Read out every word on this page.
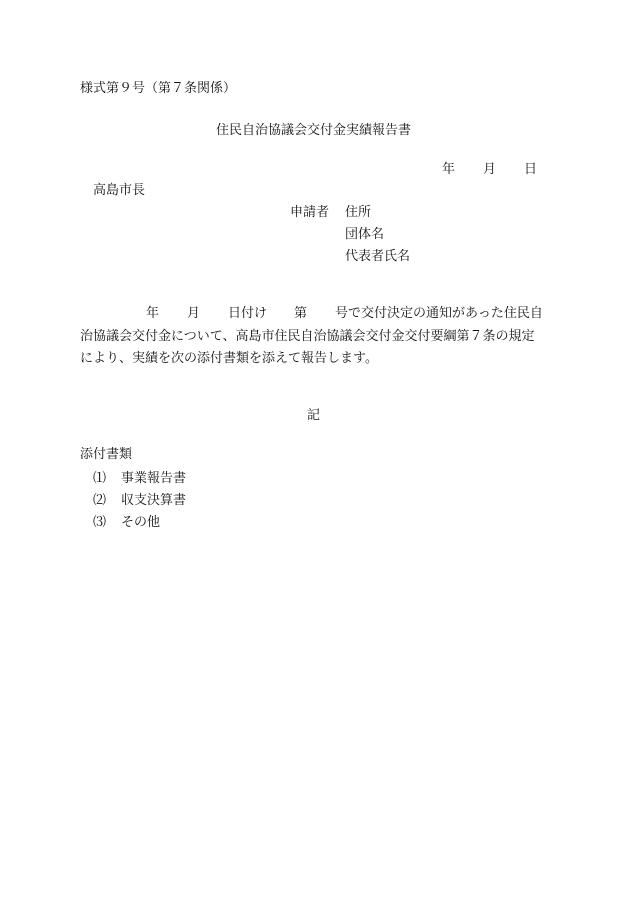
様式第９号（第７条関係）
住民自治協議会交付金実績報告書
年 月 日
高島市長
申請者 住所
団体名
代表者氏名
年 月 日付け 第 号で交付決定の通知があった住民自
治協議会交付金について、高島市住民自治協議会交付金交付要綱第７条の規定
により、実績を次の添付書類を添えて報告します。
記
添付書類

⑴

事業報告書

⑵

収支決算書

⑶

その他
